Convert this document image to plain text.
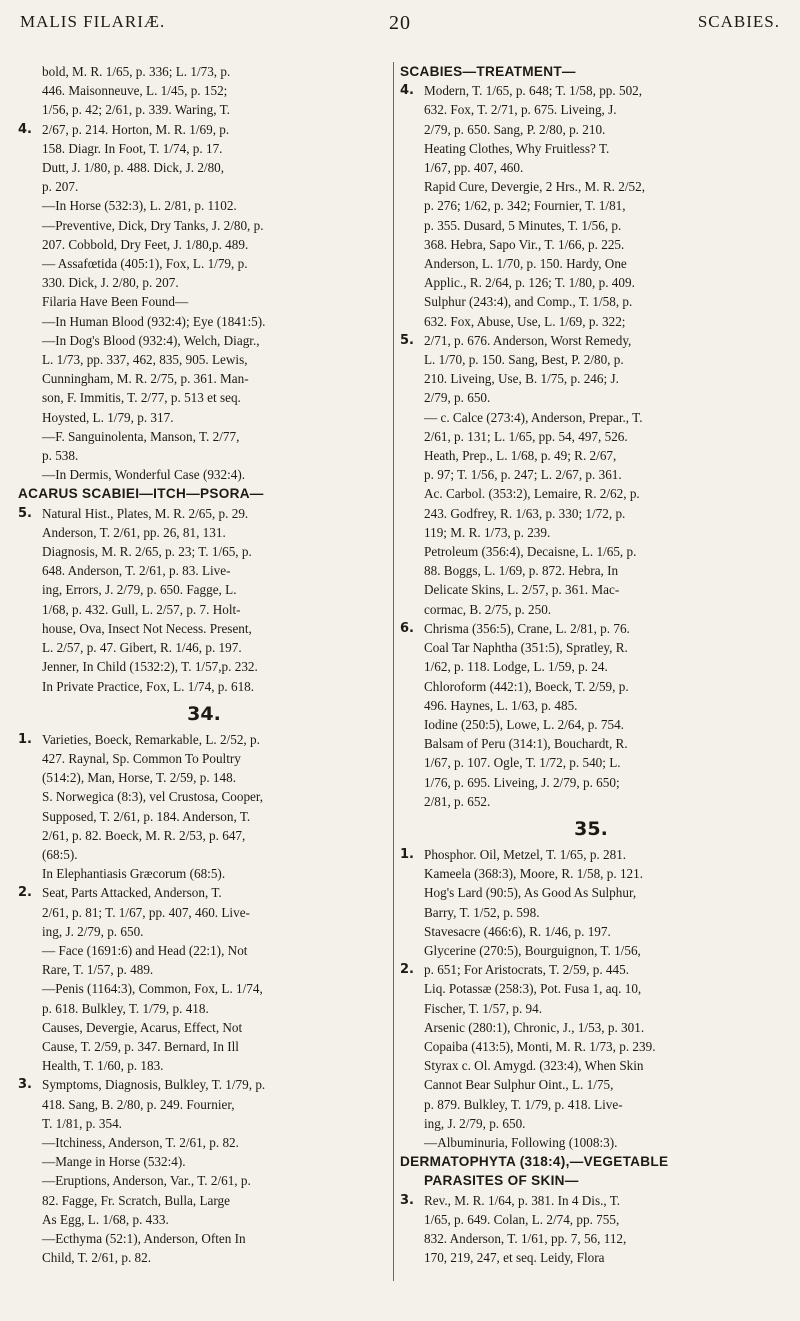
MALIS FILARIÆ.	20	SCABIES.
bold, M. R. 1/65, p. 336; L. 1/73, p.
446. Maisonneuve, L. 1/45, p. 152;
1/56, p. 42; 2/61, p. 339. Waring, T.
4. 2/67, p. 214. Horton, M. R. 1/69, p.
158. Diagr. In Foot, T. 1/74, p. 17.
Dutt, J. 1/80, p. 488. Dick, J. 2/80,
p. 207.
—In Horse (532:3), L. 2/81, p. 1102.
—Preventive, Dick, Dry Tanks, J. 2/80, p.
207. Cobbold, Dry Feet, J. 1/80,p. 489.
— Assafœtida (405:1), Fox, L. 1/79, p.
330. Dick, J. 2/80, p. 207.
Filaria Have Been Found—
—In Human Blood (932:4); Eye (1841:5).
—In Dog's Blood (932:4), Welch, Diagr.,
L. 1/73, pp. 337, 462, 835, 905. Lewis,
Cunningham, M. R. 2/75, p. 361. Man-
son, F. Immitis, T. 2/77, p. 513 et seq.
Hoysted, L. 1/79, p. 317.
—F. Sanguinolenta, Manson, T. 2/77,
p. 538.
—In Dermis, Wonderful Case (932:4).
ACARUS SCABIEI—ITCH—PSORA—
5. Natural Hist., Plates, M. R. 2/65, p. 29.
Anderson, T. 2/61, pp. 26, 81, 131.
Diagnosis, M. R. 2/65, p. 23; T. 1/65, p.
648. Anderson, T. 2/61, p. 83. Live-
ing, Errors, J. 2/79, p. 650. Fagge, L.
1/68, p. 432. Gull, L. 2/57, p. 7. Holt-
house, Ova, Insect Not Necess. Present,
L. 2/57, p. 47. Gibert, R. 1/46, p. 197.
Jenner, In Child (1532:2), T. 1/57,p. 232.
In Private Practice, Fox, L. 1/74, p. 618.
34.
1. Varieties, Boeck, Remarkable, L. 2/52, p.
427. Raynal, Sp. Common To Poultry
(514:2), Man, Horse, T. 2/59, p. 148.
S. Norwegica (8:3), vel Crustosa, Cooper,
Supposed, T. 2/61, p. 184. Anderson, T.
2/61, p. 82. Boeck, M. R. 2/53, p. 647,
(68:5).
In Elephantiasis Græcorum (68:5).
2. Seat, Parts Attacked, Anderson, T.
2/61, p. 81; T. 1/67, pp. 407, 460. Live-
ing, J. 2/79, p. 650.
— Face (1691:6) and Head (22:1), Not
Rare, T. 1/57, p. 489.
—Penis (1164:3), Common, Fox, L. 1/74,
p. 618. Bulkley, T. 1/79, p. 418.
Causes, Devergie, Acarus, Effect, Not
Cause, T. 2/59, p. 347. Bernard, In Ill
Health, T. 1/60, p. 183.
3. Symptoms, Diagnosis, Bulkley, T. 1/79, p.
418. Sang, B. 2/80, p. 249. Fournier,
T. 1/81, p. 354.
—Itchiness, Anderson, T. 2/61, p. 82.
—Mange in Horse (532:4).
—Eruptions, Anderson, Var., T. 2/61, p.
82. Fagge, Fr. Scratch, Bulla, Large
As Egg, L. 1/68, p. 433.
—Ecthyma (52:1), Anderson, Often In
Child, T. 2/61, p. 82.
SCABIES—TREATMENT—
4. Modern, T. 1/65, p. 648; T. 1/58, pp. 502,
632. Fox, T. 2/71, p. 675. Liveing, J.
2/79, p. 650. Sang, P. 2/80, p. 210.
Heating Clothes, Why Fruitless? T.
1/67, pp. 407, 460.
Rapid Cure, Devergie, 2 Hrs., M. R. 2/52,
p. 276; 1/62, p. 342; Fournier, T. 1/81,
p. 355. Dusard, 5 Minutes, T. 1/56, p.
368. Hebra, Sapo Vir., T. 1/66, p. 225.
Anderson, L. 1/70, p. 150. Hardy, One
Applic., R. 2/64, p. 126; T. 1/80, p. 409.
Sulphur (243:4), and Comp., T. 1/58, p.
632. Fox, Abuse, Use, L. 1/69, p. 322;
5. 2/71, p. 676. Anderson, Worst Remedy,
L. 1/70, p. 150. Sang, Best, P. 2/80, p.
210. Liveing, Use, B. 1/75, p. 246; J.
2/79, p. 650.
— c. Calce (273:4), Anderson, Prepar., T.
2/61, p. 131; L. 1/65, pp. 54, 497, 526.
Heath, Prep., L. 1/68, p. 49; R. 2/67,
p. 97; T. 1/56, p. 247; L. 2/67, p. 361.
Ac. Carbol. (353:2), Lemaire, R. 2/62, p.
243. Godfrey, R. 1/63, p. 330; 1/72, p.
119; M. R. 1/73, p. 239.
Petroleum (356:4), Decaisne, L. 1/65, p.
88. Boggs, L. 1/69, p. 872. Hebra, In
Delicate Skins, L. 2/57, p. 361. Mac-
cormac, B. 2/75, p. 250.
6. Chrisma (356:5), Crane, L. 2/81, p. 76.
Coal Tar Naphtha (351:5), Spratley, R.
1/62, p. 118. Lodge, L. 1/59, p. 24.
Chloroform (442:1), Boeck, T. 2/59, p.
496. Haynes, L. 1/63, p. 485.
Iodine (250:5), Lowe, L. 2/64, p. 754.
Balsam of Peru (314:1), Bouchardt, R.
1/67, p. 107. Ogle, T. 1/72, p. 540; L.
1/76, p. 695. Liveing, J. 2/79, p. 650;
2/81, p. 652.
35.
1. Phosphor. Oil, Metzel, T. 1/65, p. 281.
Kameela (368:3), Moore, R. 1/58, p. 121.
Hog's Lard (90:5), As Good As Sulphur,
Barry, T. 1/52, p. 598.
Stavesacre (466:6), R. 1/46, p. 197.
Glycerine (270:5), Bourguignon, T. 1/56,
2. p. 651; For Aristocrats, T. 2/59, p. 445.
Liq. Potassæ (258:3), Pot. Fusa 1, aq. 10,
Fischer, T. 1/57, p. 94.
Arsenic (280:1), Chronic, J., 1/53, p. 301.
Copaiba (413:5), Monti, M. R. 1/73, p. 239.
Styrax c. Ol. Amygd. (323:4), When Skin
Cannot Bear Sulphur Oint., L. 1/75,
p. 879. Bulkley, T. 1/79, p. 418. Live-
ing, J. 2/79, p. 650.
—Albuminuria, Following (1008:3).
DERMATOPHYTA (318:4),—VEGETABLE
PARASITES OF SKIN—
3. Rev., M. R. 1/64, p. 381. In 4 Dis., T.
1/65, p. 649. Colan, L. 2/74, pp. 755,
832. Anderson, T. 1/61, pp. 7, 56, 112,
170, 219, 247, et seq. Leidy, Flora
